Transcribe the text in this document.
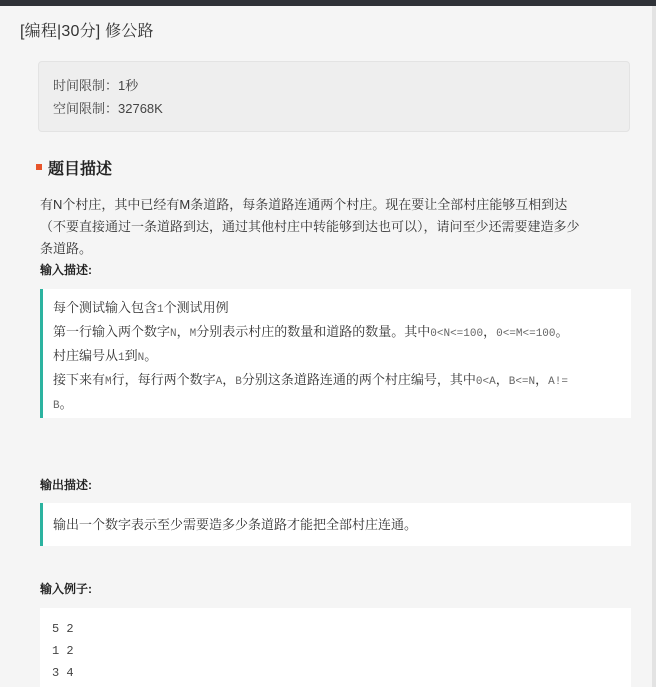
[编程|30分] 修公路
时间限制：1秒
空间限制：32768K
题目描述
有N个村庄，其中已经有M条道路，每条道路连通两个村庄。现在要让全部村庄能够互相到达
（不要直接通过一条道路到达，通过其他村庄中转能够到达也可以），请问至少还需要建造多少
条道路。
输入描述:
每个测试输入包含1个测试用例
第一行输入两个数字N，M分别表示村庄的数量和道路的数量。其中0<N<=100，0<=M<=100。
村庄编号从1到N。
接下来有M行，每行两个数字A，B分别这条道路连通的两个村庄编号，其中0<A，B<=N，A!=
B。
输出描述:
输出一个数字表示至少需要造多少条道路才能把全部村庄连通。
输入例子:
5 2
1 2
3 4
